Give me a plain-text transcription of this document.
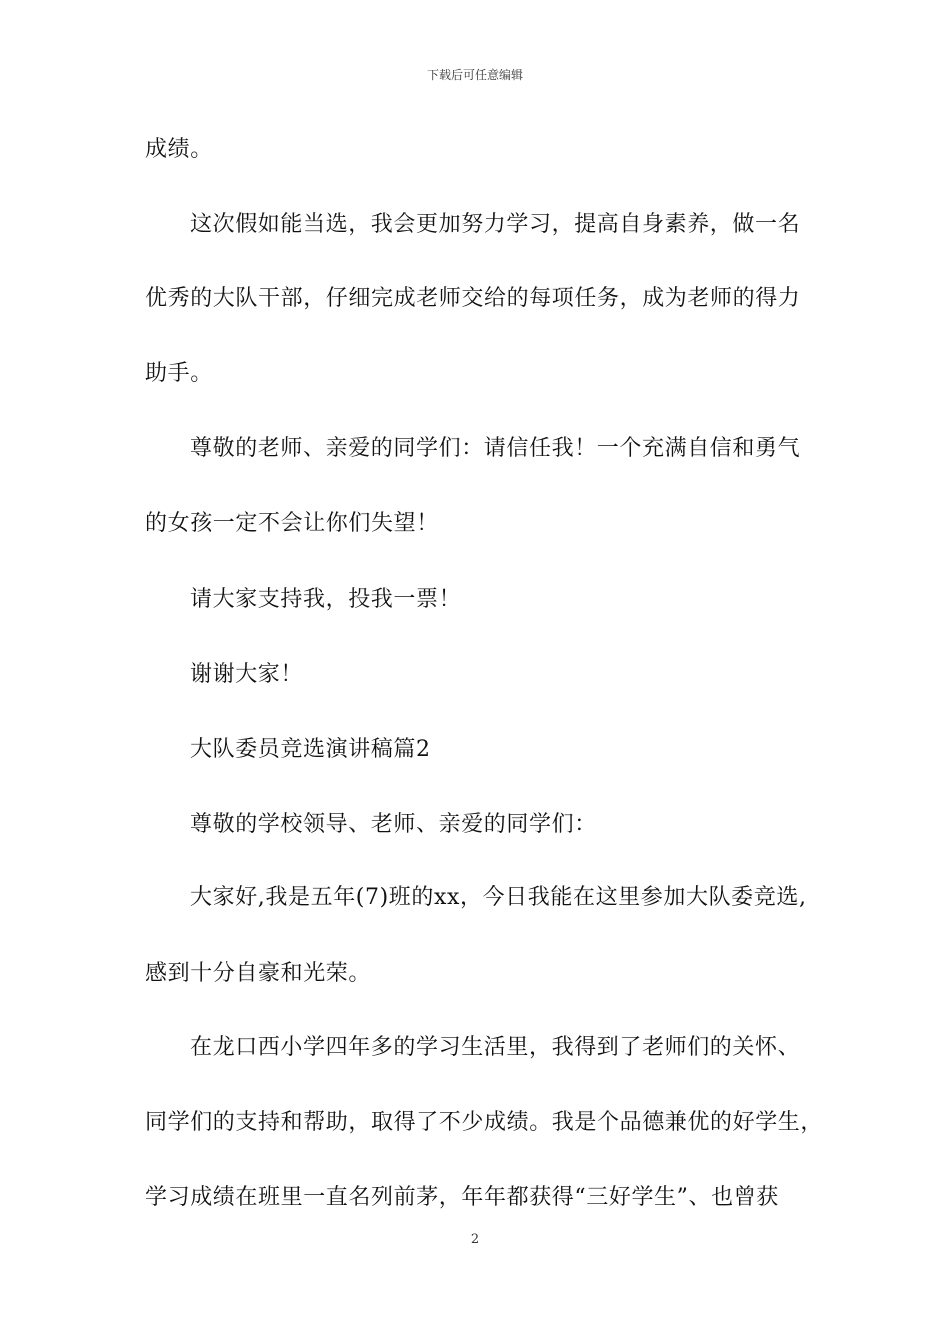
下载后可任意编辑
成绩。
这次假如能当选，我会更加努力学习，提高自身素养，做一名
优秀的大队干部，仔细完成老师交给的每项任务，成为老师的得力
助手。
尊敬的老师、亲爱的同学们：请信任我！一个充满自信和勇气
的女孩一定不会让你们失望！
请大家支持我，投我一票！
谢谢大家！
大队委员竞选演讲稿篇2
尊敬的学校领导、老师、亲爱的同学们：
大家好,我是五年(7)班的xx，今日我能在这里参加大队委竞选,
感到十分自豪和光荣。
在龙口西小学四年多的学习生活里，我得到了老师们的关怀、
同学们的支持和帮助，取得了不少成绩。我是个品德兼优的好学生，
学习成绩在班里一直名列前茅，年年都获得“三好学生”、也曾获
2
